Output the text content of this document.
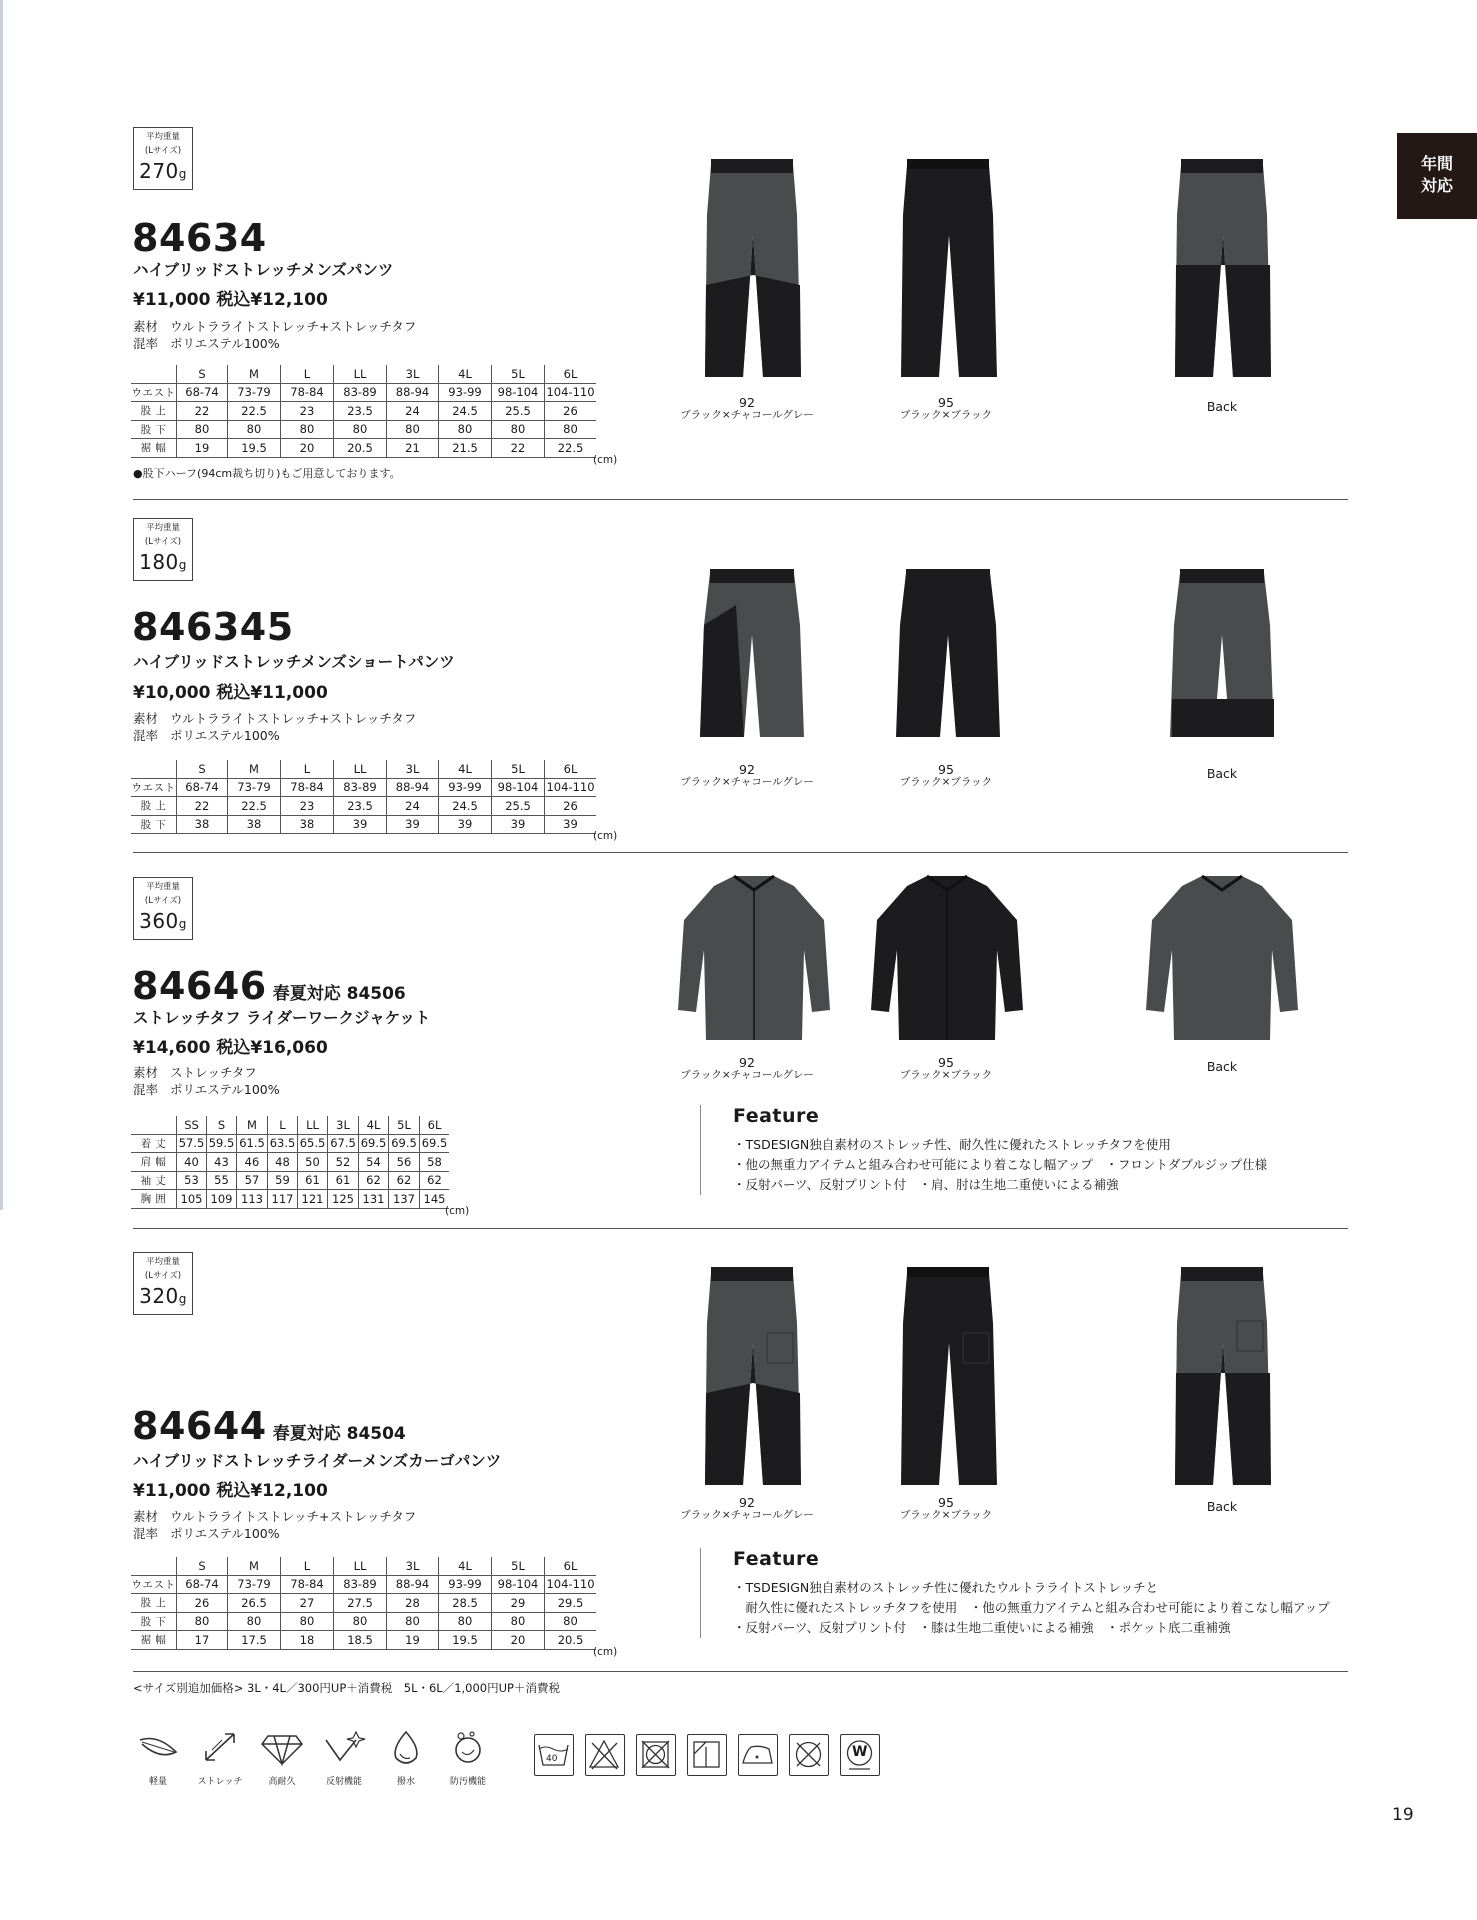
年間
対応
平均重量
(Lサイズ)
270g
84634
ハイブリッドストレッチメンズパンツ
¥11,000 税込¥12,100
素材 ウルトラライトストレッチ+ストレッチタフ
混率 ポリエステル100%
	S	M	L	LL	3L	4L	5L	6L
ウエスト	68-74	73-79	78-84	83-89	88-94	93-99	98-104	104-110
股 上	22	22.5	23	23.5	24	24.5	25.5	26
股 下	80	80	80	80	80	80	80	80
裾 幅	19	19.5	20	20.5	21	21.5	22	22.5
(cm)
●股下ハーフ(94cm裁ち切り)もご用意しております。
92
ブラック×チャコールグレー
95
ブラック×ブラック
Back
平均重量
(Lサイズ)
180g
846345
ハイブリッドストレッチメンズショートパンツ
¥10,000 税込¥11,000
素材 ウルトラライトストレッチ+ストレッチタフ
混率 ポリエステル100%
	S	M	L	LL	3L	4L	5L	6L
ウエスト	68-74	73-79	78-84	83-89	88-94	93-99	98-104	104-110
股 上	22	22.5	23	23.5	24	24.5	25.5	26
股 下	38	38	38	39	39	39	39	39
(cm)
92
ブラック×チャコールグレー
95
ブラック×ブラック
Back
平均重量
(Lサイズ)
360g
84646 春夏対応 84506
ストレッチタフ ライダーワークジャケット
¥14,600 税込¥16,060
素材 ストレッチタフ
混率 ポリエステル100%
	SS	S	M	L	LL	3L	4L	5L	6L
着 丈	57.5	59.5	61.5	63.5	65.5	67.5	69.5	69.5	69.5
肩 幅	40	43	46	48	50	52	54	56	58
袖 丈	53	55	57	59	61	61	62	62	62
胸 囲	105	109	113	117	121	125	131	137	145
(cm)
92
ブラック×チャコールグレー
95
ブラック×ブラック
Back
Feature
・TSDESIGN独自素材のストレッチ性、耐久性に優れたストレッチタフを使用
・他の無重力アイテムと組み合わせ可能により着こなし幅アップ　・フロントダブルジップ仕様
・反射パーツ、反射プリント付　・肩、肘は生地二重使いによる補強
平均重量
(Lサイズ)
320g
84644 春夏対応 84504
ハイブリッドストレッチライダーメンズカーゴパンツ
¥11,000 税込¥12,100
素材 ウルトラライトストレッチ+ストレッチタフ
混率 ポリエステル100%
	S	M	L	LL	3L	4L	5L	6L
ウエスト	68-74	73-79	78-84	83-89	88-94	93-99	98-104	104-110
股 上	26	26.5	27	27.5	28	28.5	29	29.5
股 下	80	80	80	80	80	80	80	80
裾 幅	17	17.5	18	18.5	19	19.5	20	20.5
(cm)
92
ブラック×チャコールグレー
95
ブラック×ブラック
Back
Feature
・TSDESIGN独自素材のストレッチ性に優れたウルトラライトストレッチと
　耐久性に優れたストレッチタフを使用　・他の無重力アイテムと組み合わせ可能により着こなし幅アップ
・反射パーツ、反射プリント付　・膝は生地二重使いによる補強　・ポケット底二重補強
<サイズ別追加価格> 3L・4L／300円UP＋消費税　5L・6L／1,000円UP＋消費税
軽量	ストレッチ	高耐久	反射機能	撥水	防汚機能
40	W
19
